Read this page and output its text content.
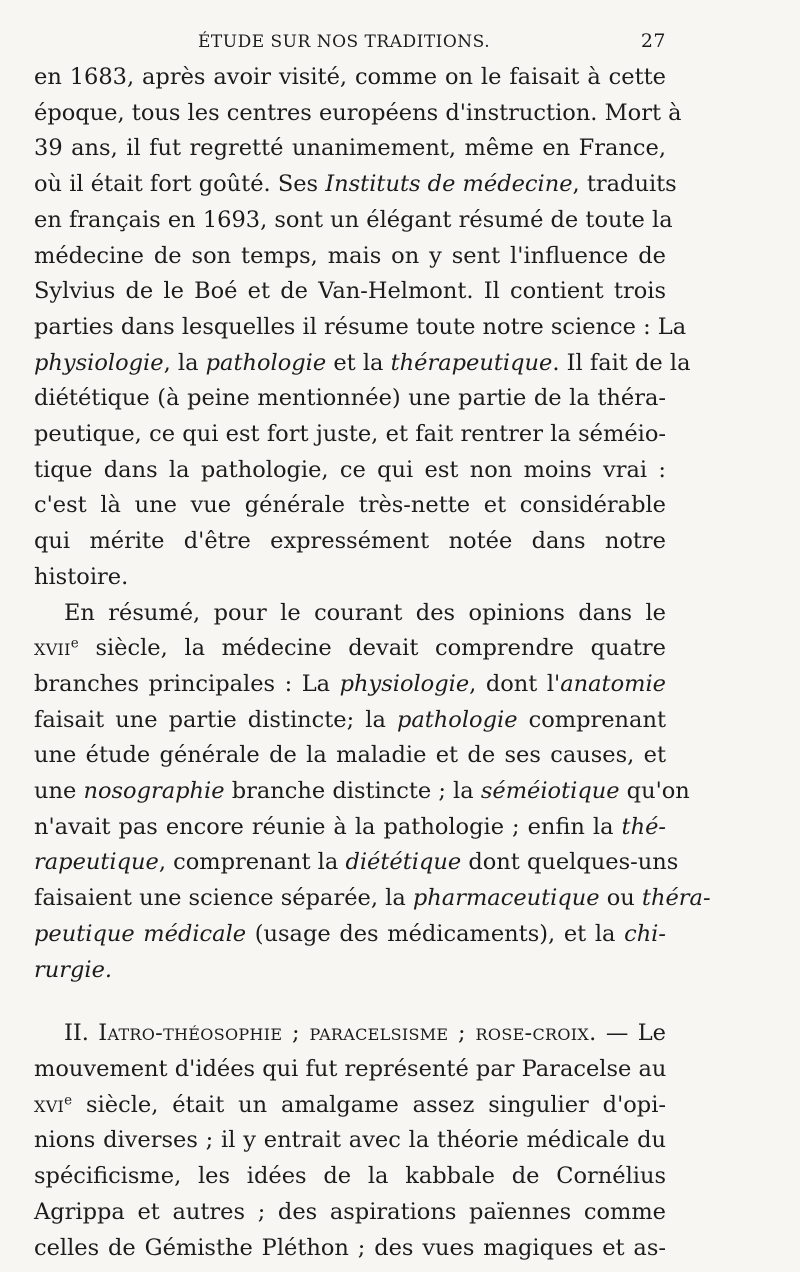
ÉTUDE SUR NOS TRADITIONS.	27
en 1683, après avoir visité, comme on le faisait à cette
époque, tous les centres européens d'instruction. Mort à
39 ans, il fut regretté unanimement, même en France,
où il était fort goûté. Ses Instituts de médecine, traduits
en français en 1693, sont un élégant résumé de toute la
médecine de son temps, mais on y sent l'influence de
Sylvius de le Boé et de Van-Helmont. Il contient trois
parties dans lesquelles il résume toute notre science : La
physiologie, la pathologie et la thérapeutique. Il fait de la
diététique (à peine mentionnée) une partie de la théra-
peutique, ce qui est fort juste, et fait rentrer la séméio-
tique dans la pathologie, ce qui est non moins vrai :
c'est là une vue générale très-nette et considérable
qui mérite d'être expressément notée dans notre
histoire.
En résumé, pour le courant des opinions dans le
xvii$^e$ siècle, la médecine devait comprendre quatre
branches principales : La physiologie, dont l'anatomie
faisait une partie distincte; la pathologie comprenant
une étude générale de la maladie et de ses causes, et
une nosographie branche distincte ; la séméiotique qu'on
n'avait pas encore réunie à la pathologie ; enfin la thé-
rapeutique, comprenant la diététique dont quelques-uns
faisaient une science séparée, la pharmaceutique ou théra-
peutique médicale (usage des médicaments), et la chi-
rurgie.
II. Iatro-théosophie ; paracelsisme ; rose-croix. — Le
mouvement d'idées qui fut représenté par Paracelse au
xvi$^e$ siècle, était un amalgame assez singulier d'opi-
nions diverses ; il y entrait avec la théorie médicale du
spécificisme, les idées de la kabbale de Cornélius
Agrippa et autres ; des aspirations païennes comme
celles de Gémisthe Pléthon ; des vues magiques et as-
